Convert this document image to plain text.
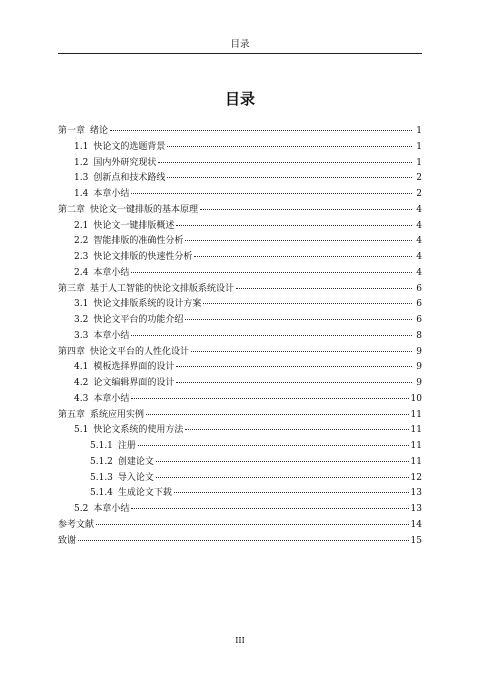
目录
目录
第一章 绪论	1
1.1 快论文的选题背景	1
1.2 国内外研究现状	1
1.3 创新点和技术路线	2
1.4 本章小结	2
第二章 快论文一键排版的基本原理	4
2.1 快论文一键排版概述	4
2.2 智能排版的准确性分析	4
2.3 快论文排版的快速性分析	4
2.4 本章小结	4
第三章 基于人工智能的快论文排版系统设计	6
3.1 快论文排版系统的设计方案	6
3.2 快论文平台的功能介绍	6
3.3 本章小结	8
第四章 快论文平台的人性化设计	9
4.1 模板选择界面的设计	9
4.2 论文编辑界面的设计	9
4.3 本章小结	10
第五章 系统应用实例	11
5.1 快论文系统的使用方法	11
5.1.1 注册	11
5.1.2 创建论文	11
5.1.3 导入论文	12
5.1.4 生成论文下载	13
5.2 本章小结	13
参考文献	14
致谢	15
III
